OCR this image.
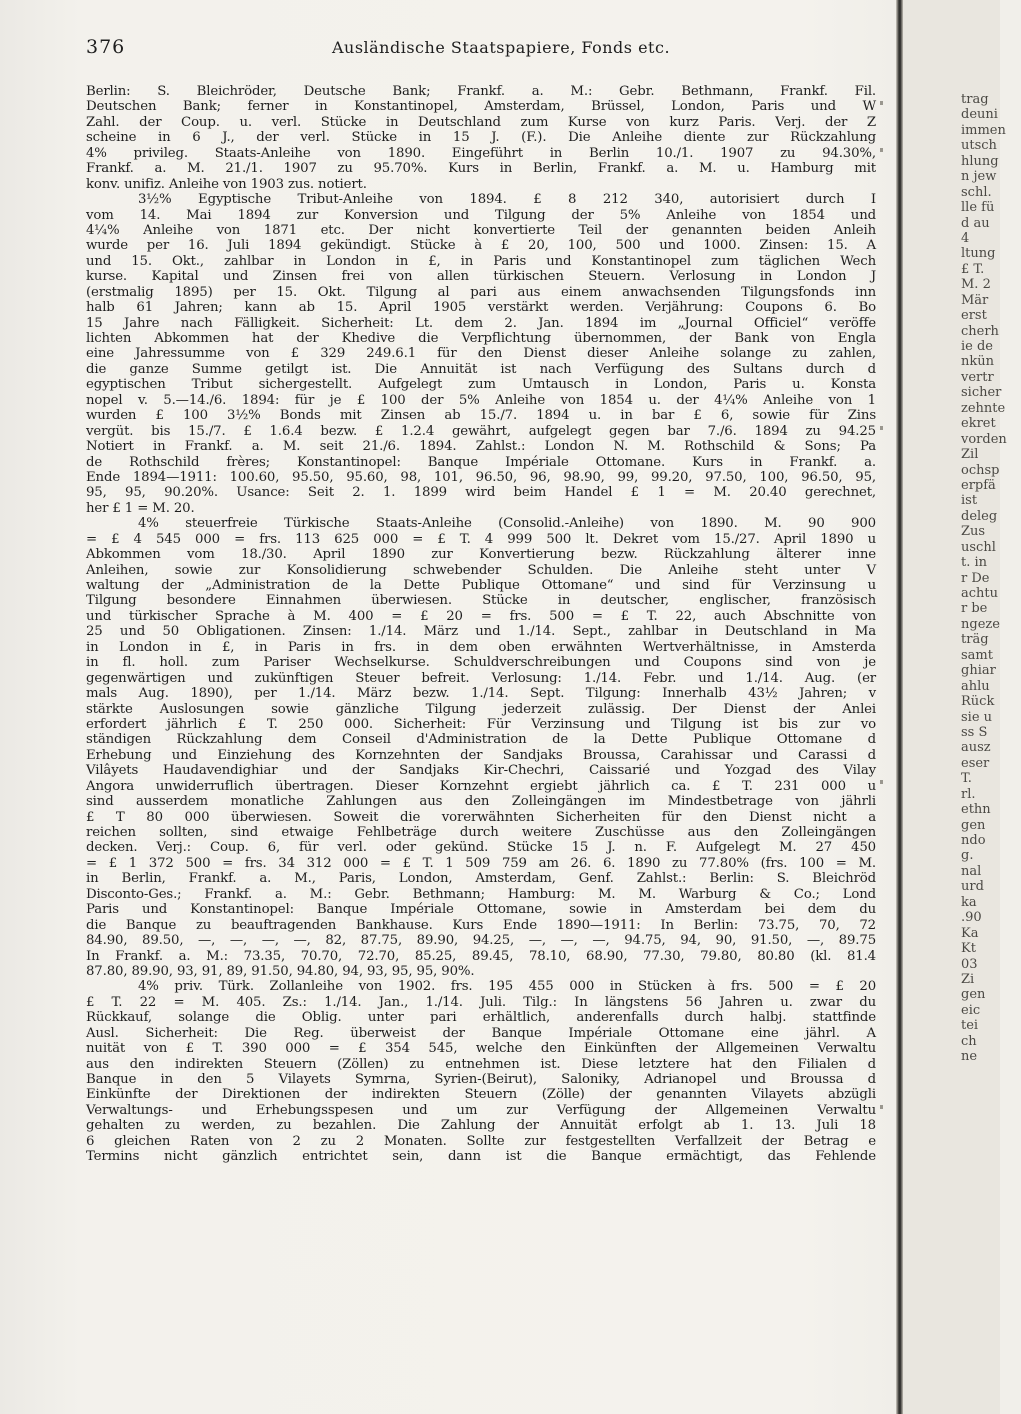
376	Ausländische Staatspapiere, Fonds etc.
Berlin: S. Bleichröder, Deutsche Bank; Frankf. a. M.: Gebr. Bethmann, Frankf. Fil.
Deutschen Bank; ferner in Konstantinopel, Amsterdam, Brüssel, London, Paris und W
Zahl. der Coup. u. verl. Stücke in Deutschland zum Kurse von kurz Paris. Verj. der Z
scheine in 6 J., der verl. Stücke in 15 J. (F.). Die Anleihe diente zur Rückzahlung
4% privileg. Staats-Anleihe von 1890. Eingeführt in Berlin 10./1. 1907 zu 94.30%,
Frankf. a. M. 21./1. 1907 zu 95.70%. Kurs in Berlin, Frankf. a. M. u. Hamburg mit
konv. unifiz. Anleihe von 1903 zus. notiert.
3½% Egyptische Tribut-Anleihe von 1894. £ 8 212 340, autorisiert durch I
vom 14. Mai 1894 zur Konversion und Tilgung der 5% Anleihe von 1854 und
4¼% Anleihe von 1871 etc. Der nicht konvertierte Teil der genannten beiden Anleih
wurde per 16. Juli 1894 gekündigt. Stücke à £ 20, 100, 500 und 1000. Zinsen: 15. A
und 15. Okt., zahlbar in London in £, in Paris und Konstantinopel zum täglichen Wech
kurse. Kapital und Zinsen frei von allen türkischen Steuern. Verlosung in London J
(erstmalig 1895) per 15. Okt. Tilgung al pari aus einem anwachsenden Tilgungsfonds inn
halb 61 Jahren; kann ab 15. April 1905 verstärkt werden. Verjährung: Coupons 6. Bo
15 Jahre nach Fälligkeit. Sicherheit: Lt. dem 2. Jan. 1894 im „Journal Officiel“ veröffe
lichten Abkommen hat der Khedive die Verpflichtung übernommen, der Bank von Engla
eine Jahressumme von £ 329 249.6.1 für den Dienst dieser Anleihe solange zu zahlen,
die ganze Summe getilgt ist. Die Annuität ist nach Verfügung des Sultans durch d
egyptischen Tribut sichergestellt. Aufgelegt zum Umtausch in London, Paris u. Konsta
nopel v. 5.—14./6. 1894: für je £ 100 der 5% Anleihe von 1854 u. der 4¼% Anleihe von 1
wurden £ 100 3½% Bonds mit Zinsen ab 15./7. 1894 u. in bar £ 6, sowie für Zins
vergüt. bis 15./7. £ 1.6.4 bezw. £ 1.2.4 gewährt, aufgelegt gegen bar 7./6. 1894 zu 94.25
Notiert in Frankf. a. M. seit 21./6. 1894. Zahlst.: London N. M. Rothschild & Sons; Pa
de Rothschild frères; Konstantinopel: Banque Impériale Ottomane. Kurs in Frankf. a.
Ende 1894—1911: 100.60, 95.50, 95.60, 98, 101, 96.50, 96, 98.90, 99, 99.20, 97.50, 100, 96.50, 95,
95, 95, 90.20%. Usance: Seit 2. 1. 1899 wird beim Handel £ 1 = M. 20.40 gerechnet,
her £ 1 = M. 20.
4% steuerfreie Türkische Staats-Anleihe (Consolid.-Anleihe) von 1890. M. 90 900
= £ 4 545 000 = frs. 113 625 000 = £ T. 4 999 500 lt. Dekret vom 15./27. April 1890 u
Abkommen vom 18./30. April 1890 zur Konvertierung bezw. Rückzahlung älterer inne
Anleihen, sowie zur Konsolidierung schwebender Schulden. Die Anleihe steht unter V
waltung der „Administration de la Dette Publique Ottomane“ und sind für Verzinsung u
Tilgung besondere Einnahmen überwiesen. Stücke in deutscher, englischer, französisch
und türkischer Sprache à M. 400 = £ 20 = frs. 500 = £ T. 22, auch Abschnitte von
25 und 50 Obligationen. Zinsen: 1./14. März und 1./14. Sept., zahlbar in Deutschland in Ma
in London in £, in Paris in frs. in dem oben erwähnten Wertverhältnisse, in Amsterda
in fl. holl. zum Pariser Wechselkurse. Schuldverschreibungen und Coupons sind von je
gegenwärtigen und zukünftigen Steuer befreit. Verlosung: 1./14. Febr. und 1./14. Aug. (er
mals Aug. 1890), per 1./14. März bezw. 1./14. Sept. Tilgung: Innerhalb 43½ Jahren; v
stärkte Auslosungen sowie gänzliche Tilgung jederzeit zulässig. Der Dienst der Anlei
erfordert jährlich £ T. 250 000. Sicherheit: Für Verzinsung und Tilgung ist bis zur vo
ständigen Rückzahlung dem Conseil d'Administration de la Dette Publique Ottomane d
Erhebung und Einziehung des Kornzehnten der Sandjaks Broussa, Carahissar und Carassi d
Vilâyets Haudavendighiar und der Sandjaks Kir-Chechri, Caissarié und Yozgad des Vilay
Angora unwiderruflich übertragen. Dieser Kornzehnt ergiebt jährlich ca. £ T. 231 000 u
sind ausserdem monatliche Zahlungen aus den Zolleingängen im Mindestbetrage von jährli
£ T 80 000 überwiesen. Soweit die vorerwähnten Sicherheiten für den Dienst nicht a
reichen sollten, sind etwaige Fehlbeträge durch weitere Zuschüsse aus den Zolleingängen
decken. Verj.: Coup. 6, für verl. oder gekünd. Stücke 15 J. n. F. Aufgelegt M. 27 450
= £ 1 372 500 = frs. 34 312 000 = £ T. 1 509 759 am 26. 6. 1890 zu 77.80% (frs. 100 = M.
in Berlin, Frankf. a. M., Paris, London, Amsterdam, Genf. Zahlst.: Berlin: S. Bleichröd
Disconto-Ges.; Frankf. a. M.: Gebr. Bethmann; Hamburg: M. M. Warburg & Co.; Lond
Paris und Konstantinopel: Banque Impériale Ottomane, sowie in Amsterdam bei dem du
die Banque zu beauftragenden Bankhause. Kurs Ende 1890—1911: In Berlin: 73.75, 70, 72
84.90, 89.50, —, —, —, —, 82, 87.75, 89.90, 94.25, —, —, —, 94.75, 94, 90, 91.50, —, 89.75
In Frankf. a. M.: 73.35, 70.70, 72.70, 85.25, 89.45, 78.10, 68.90, 77.30, 79.80, 80.80 (kl. 81.4
87.80, 89.90, 93, 91, 89, 91.50, 94.80, 94, 93, 95, 95, 90%.
4% priv. Türk. Zollanleihe von 1902. frs. 195 455 000 in Stücken à frs. 500 = £ 20
£ T. 22 = M. 405. Zs.: 1./14. Jan., 1./14. Juli. Tilg.: In längstens 56 Jahren u. zwar du
Rückkauf, solange die Oblig. unter pari erhältlich, anderenfalls durch halbj. stattfinde
Ausl. Sicherheit: Die Reg. überweist der Banque Impériale Ottomane eine jährl. A
nuität von £ T. 390 000 = £ 354 545, welche den Einkünften der Allgemeinen Verwaltu
aus den indirekten Steuern (Zöllen) zu entnehmen ist. Diese letztere hat den Filialen d
Banque in den 5 Vilayets Symrna, Syrien-(Beirut), Saloniky, Adrianopel und Broussa d
Einkünfte der Direktionen der indirekten Steuern (Zölle) der genannten Vilayets abzügli
Verwaltungs- und Erhebungsspesen und um zur Verfügung der Allgemeinen Verwaltu
gehalten zu werden, zu bezahlen. Die Zahlung der Annuität erfolgt ab 1. 13. Juli 18
6 gleichen Raten von 2 zu 2 Monaten. Sollte zur festgestellten Verfallzeit der Betrag e
Termins nicht gänzlich entrichtet sein, dann ist die Banque ermächtigt, das Fehlende
trag
deuni
immen
utsch
hlung
n jew
schl.
lle fü
d au
4
ltung
£ T.
M. 2
Mär
erst
cherh
ie de
nkün
vertr
sicher
zehnte
ekret
vorden
Zil
ochsp
erpfä
ist
deleg
Zus
uschl
t. in
r De
achtu
r be
ngeze
träg
samt
ghiar
ahlu
Rück
sie u
ss S
ausz
eser
T.
rl.
ethn
gen
ndo
g.
nal
urd
ka
.90
Ka
Kt
03
Zi
gen
eic
tei
ch
ne
